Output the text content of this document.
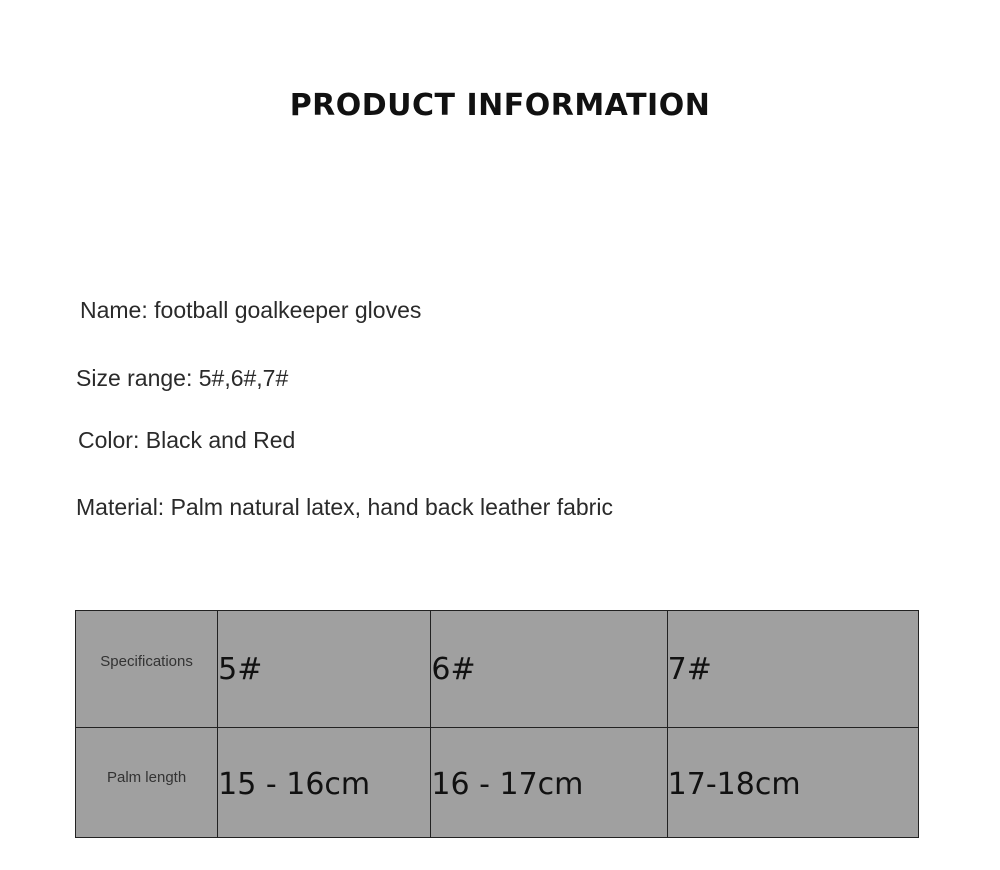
PRODUCT INFORMATION
Name: football goalkeeper gloves
Size range: 5#,6#,7#
Color: Black and Red
Material: Palm natural latex, hand back leather fabric
Specifications	5#	6#	7#
Palm length	15 - 16cm	16 - 17cm	17-18cm
